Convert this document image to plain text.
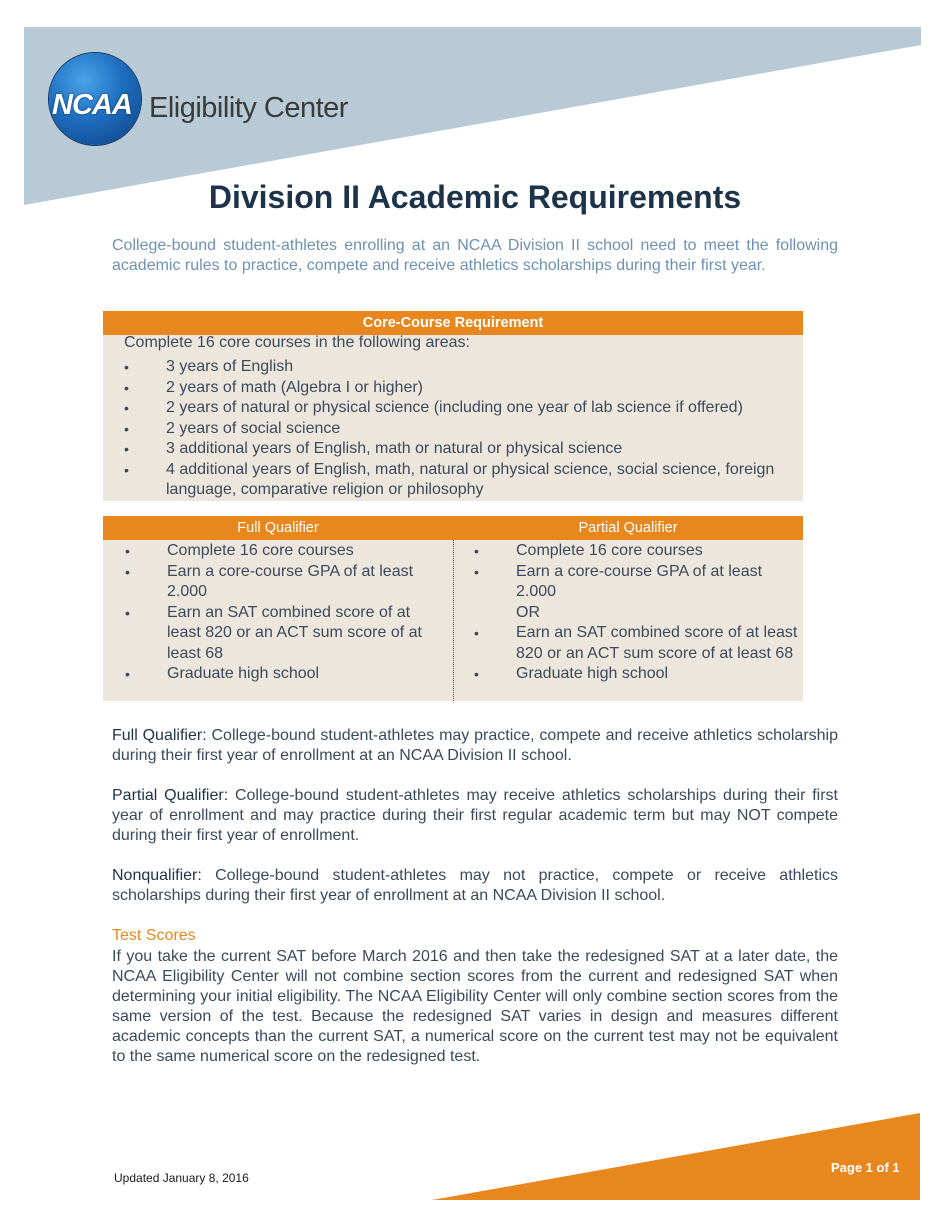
NCAA Eligibility Center
Division II Academic Requirements
College-bound student-athletes enrolling at an NCAA Division II school need to meet the following academic rules to practice, compete and receive athletics scholarships during their first year.
Core-Course Requirement
Complete 16 core courses in the following areas:
• 3 years of English
• 2 years of math (Algebra I or higher)
• 2 years of natural or physical science (including one year of lab science if offered)
• 2 years of social science
• 3 additional years of English, math or natural or physical science
• 4 additional years of English, math, natural or physical science, social science, foreign language, comparative religion or philosophy
Full Qualifier	Partial Qualifier
• Complete 16 core courses
• Earn a core-course GPA of at least 2.000
• Earn an SAT combined score of at least 820 or an ACT sum score of at least 68
• Graduate high school
• Complete 16 core courses
• Earn a core-course GPA of at least 2.000
OR
• Earn an SAT combined score of at least 820 or an ACT sum score of at least 68
• Graduate high school
Full Qualifier: College-bound student-athletes may practice, compete and receive athletics scholarship during their first year of enrollment at an NCAA Division II school.
Partial Qualifier: College-bound student-athletes may receive athletics scholarships during their first year of enrollment and may practice during their first regular academic term but may NOT compete during their first year of enrollment.
Nonqualifier: College-bound student-athletes may not practice, compete or receive athletics scholarships during their first year of enrollment at an NCAA Division II school.
Test Scores
If you take the current SAT before March 2016 and then take the redesigned SAT at a later date, the NCAA Eligibility Center will not combine section scores from the current and redesigned SAT when determining your initial eligibility. The NCAA Eligibility Center will only combine section scores from the same version of the test. Because the redesigned SAT varies in design and measures different academic concepts than the current SAT, a numerical score on the current test may not be equivalent to the same numerical score on the redesigned test.
Updated January 8, 2016
Page 1 of 1
